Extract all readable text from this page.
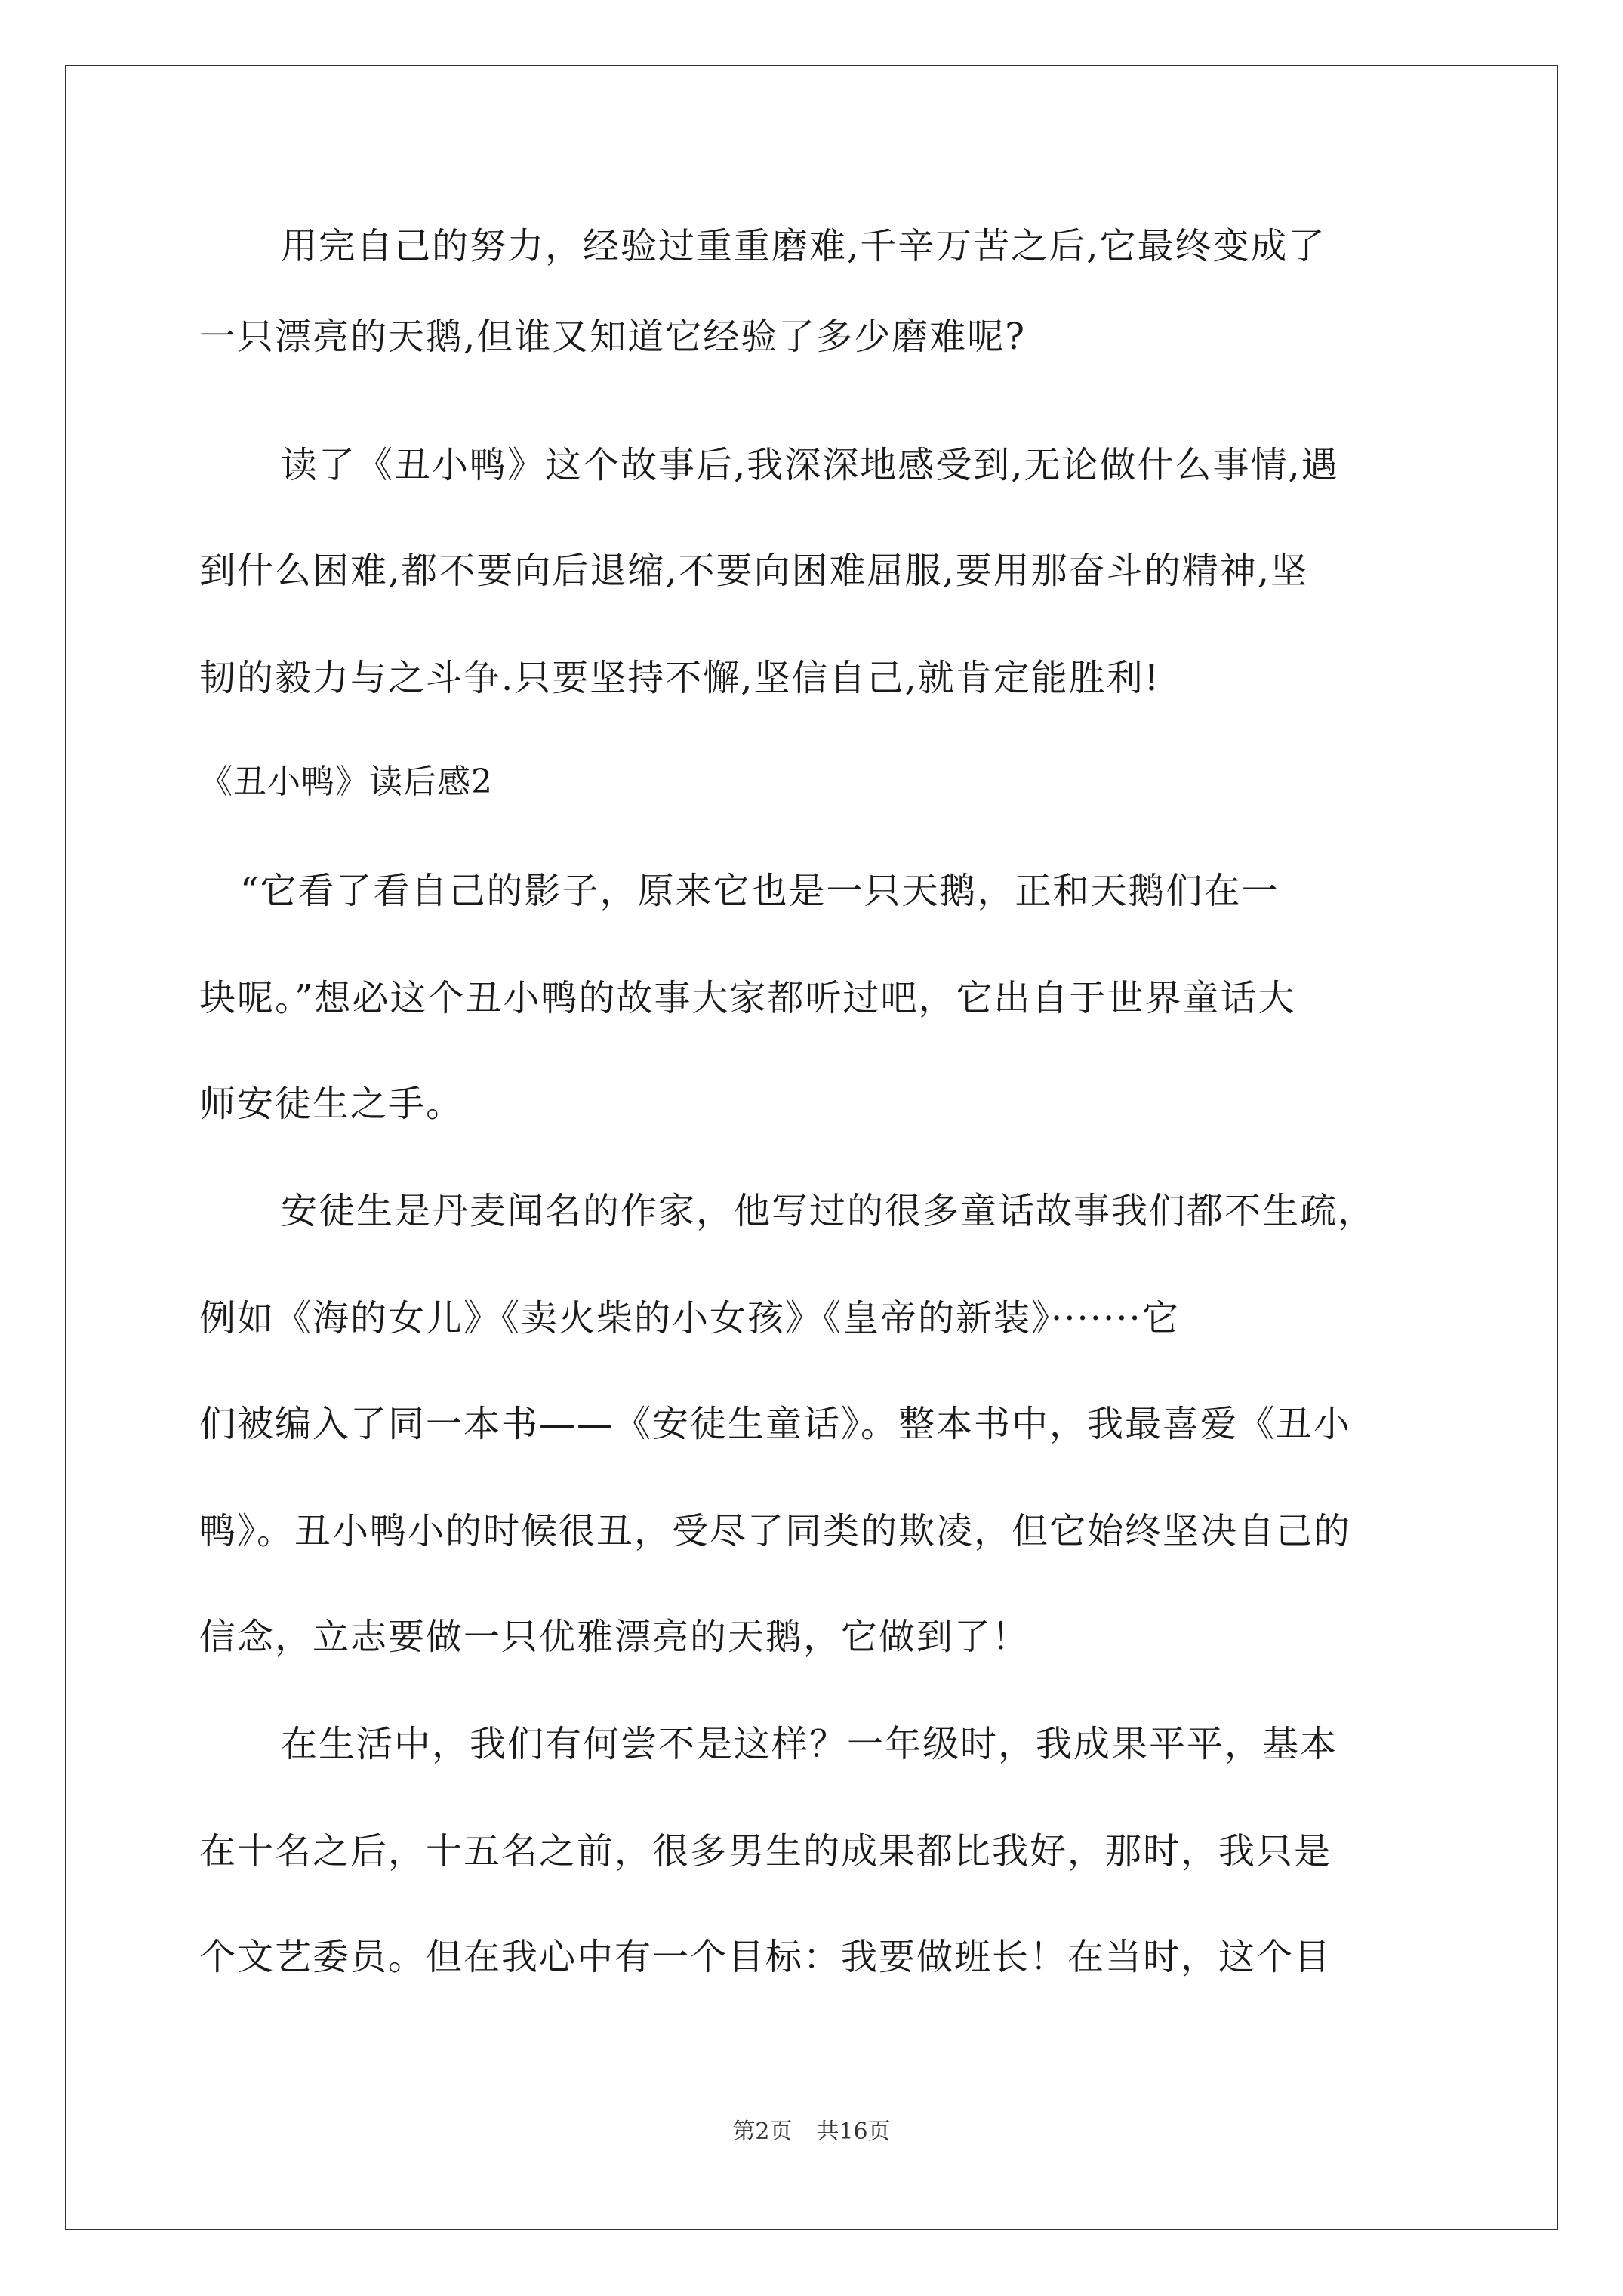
用完自己的努力，经验过重重磨难,千辛万苦之后,它最终变成了
一只漂亮的天鹅,但谁又知道它经验了多少磨难呢?
读了《丑小鸭》这个故事后,我深深地感受到,无论做什么事情,遇
到什么困难,都不要向后退缩,不要向困难屈服,要用那奋斗的精神,坚
韧的毅力与之斗争.只要坚持不懈,坚信自己,就肯定能胜利!
《丑小鸭》读后感2
“它看了看自己的影子，原来它也是一只天鹅，正和天鹅们在一
块呢。”想必这个丑小鸭的故事大家都听过吧，它出自于世界童话大
师安徒生之手。
安徒生是丹麦闻名的作家，他写过的很多童话故事我们都不生疏，
例如《海的女儿》《卖火柴的小女孩》《皇帝的新装》·······它
们被编入了同一本书——《安徒生童话》。整本书中，我最喜爱《丑小
鸭》。丑小鸭小的时候很丑，受尽了同类的欺凌，但它始终坚决自己的
信念，立志要做一只优雅漂亮的天鹅，它做到了！
在生活中，我们有何尝不是这样？一年级时，我成果平平，基本
在十名之后，十五名之前，很多男生的成果都比我好，那时，我只是
个文艺委员。但在我心中有一个目标：我要做班长！在当时，这个目
第2页 共16页
